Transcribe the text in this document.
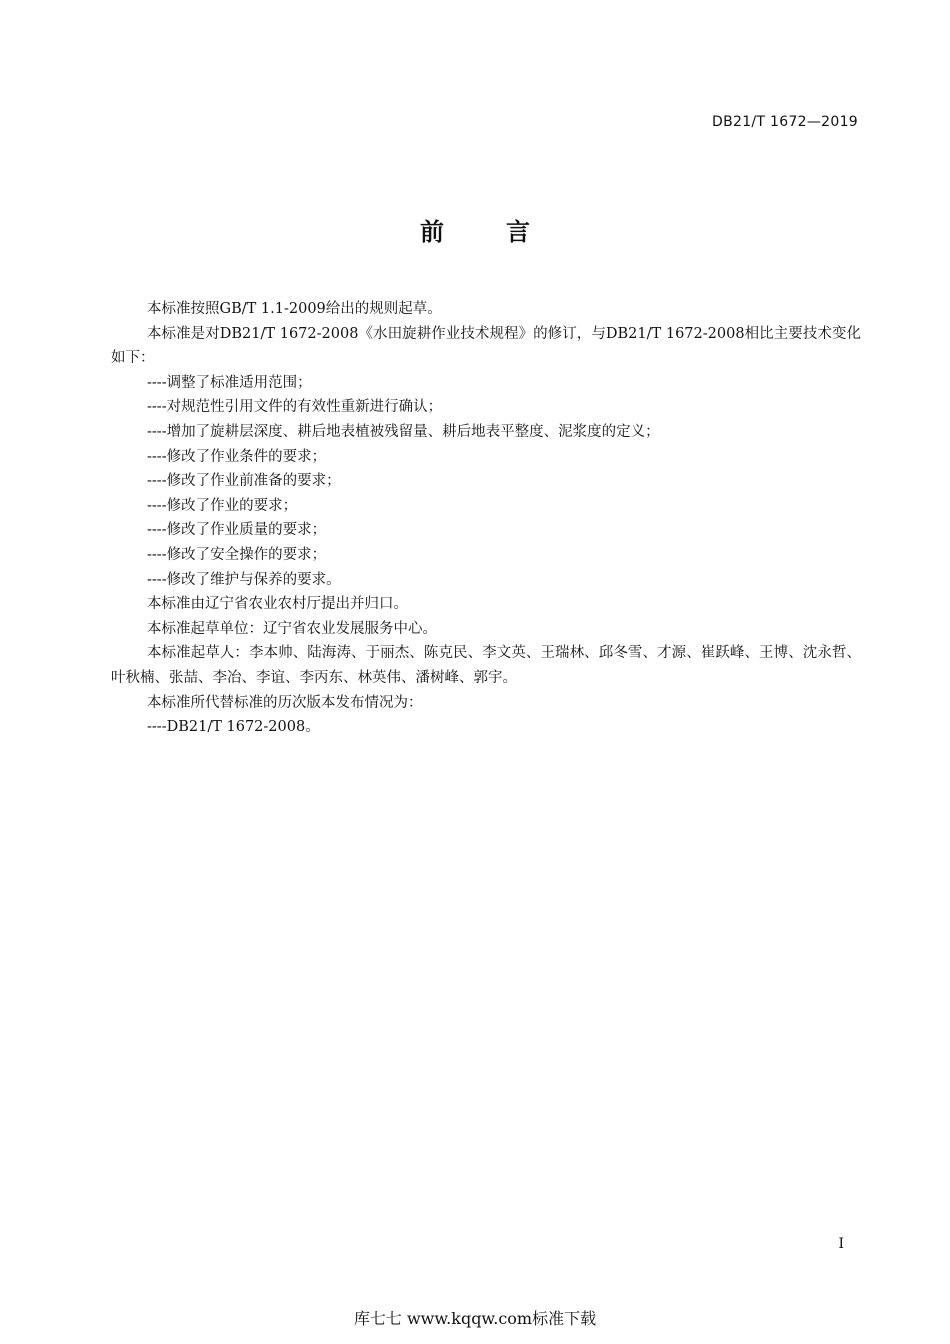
DB21/T 1672—2019
前言

本标准按照GB/T 1.1-2009给出的规则起草。

本标准是对DB21/T 1672-2008《水田旋耕作业技术规程》的修订，与DB21/T 1672-2008相比主要技术变化如下：

----调整了标准适用范围；

----对规范性引用文件的有效性重新进行确认；

----增加了旋耕层深度、耕后地表植被残留量、耕后地表平整度、泥浆度的定义；

----修改了作业条件的要求；

----修改了作业前准备的要求；

----修改了作业的要求；

----修改了作业质量的要求；

----修改了安全操作的要求；

----修改了维护与保养的要求。

本标准由辽宁省农业农村厅提出并归口。

本标准起草单位：辽宁省农业发展服务中心。

本标准起草人：李本帅、陆海涛、于丽杰、陈克民、李文英、王瑞林、邱冬雪、才源、崔跃峰、王博、沈永哲、叶秋楠、张喆、李冶、李谊、李丙东、林英伟、潘树峰、郭宇。

本标准所代替标准的历次版本发布情况为：

----DB21/T 1672-2008。

I
库七七 www.kqqw.com标准下载
